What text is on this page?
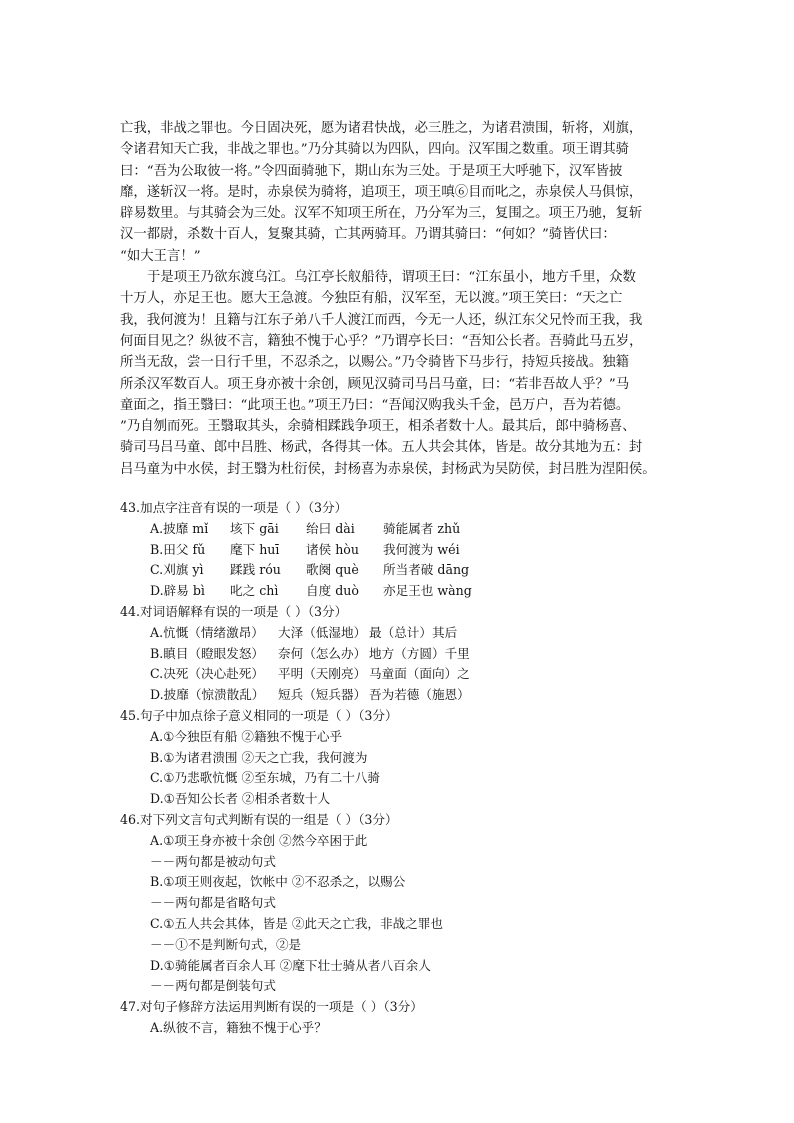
亡我，非战之罪也。今日固决死，愿为诸君快战，必三胜之，为诸君溃围，斩将，刈旗，
令诸君知天亡我，非战之罪也。”乃分其骑以为四队，四向。汉军围之数重。项王谓其骑
曰：“吾为公取彼一将。”令四面骑驰下，期山东为三处。于是项王大呼驰下，汉军皆披
靡，遂斩汉一将。是时，赤泉侯为骑将，追项王，项王嗔⑥目而叱之，赤泉侯人马俱惊，
辟易数里。与其骑会为三处。汉军不知项王所在，乃分军为三，复围之。项王乃驰，复斩
汉一都尉，杀数十百人，复聚其骑，亡其两骑耳。乃谓其骑曰：“何如？”骑皆伏曰：
“如大王言！”
于是项王乃欲东渡乌江。乌江亭长舣船待，谓项王曰：“江东虽小，地方千里，众数
十万人，亦足王也。愿大王急渡。今独臣有船，汉军至，无以渡。”项王笑曰：“天之亡
我，我何渡为！且籍与江东子弟八千人渡江而西，今无一人还，纵江东父兄怜而王我，我
何面目见之？纵彼不言，籍独不愧于心乎？”乃谓亭长曰：“吾知公长者。吾骑此马五岁，
所当无敌，尝一日行千里，不忍杀之，以赐公。”乃令骑皆下马步行，持短兵接战。独籍
所杀汉军数百人。项王身亦被十余创，顾见汉骑司马吕马童，曰：“若非吾故人乎？”马
童面之，指王翳曰：“此项王也。”项王乃曰：“吾闻汉购我头千金，邑万户，吾为若德。
”乃自刎而死。王翳取其头，余骑相蹂践争项王，相杀者数十人。最其后，郎中骑杨喜、
骑司马吕马童、郎中吕胜、杨武，各得其一体。五人共会其体，皆是。故分其地为五：封
吕马童为中水侯，封王翳为杜衍侯，封杨喜为赤泉侯，封杨武为吴防侯，封吕胜为涅阳侯。
43.加点字注音有误的一项是（ ）（3分）
A.披靡 mǐ	垓下 gāi	绐曰 dài	骑能属者 zhǔ
B.田父 fǔ	麾下 huī	诸侯 hòu	我何渡为 wéi
C.刈旗 yì	蹂践 róu	歌阕 què	所当者破 dāng
D.辟易 bì	叱之 chì	自度 duò	亦足王也 wàng
44.对词语解释有误的一项是（ ）（3分）
A.忼慨（情绪激昂）	大泽（低湿地） 最（总计）其后
B.瞋目（瞪眼发怒）	奈何（怎么办） 地方（方圆）千里
C.决死（决心赴死）	平明（天刚亮） 马童面（面向）之
D.披靡（惊溃散乱）	短兵（短兵器） 吾为若德（施恩）
45.句子中加点徐子意义相同的一项是（ ）（3分）
A.①今独臣有船 ②籍独不愧于心乎
B.①为诸君溃围 ②天之亡我，我何渡为
C.①乃悲歌忼慨 ②至东城，乃有二十八骑
D.①吾知公长者 ②相杀者数十人
46.对下列文言句式判断有误的一组是（ ）（3分）
A.①项王身亦被十余创 ②然今卒困于此
－－两句都是被动句式
B.①项王则夜起，饮帐中 ②不忍杀之，以赐公
－－两句都是省略句式
C.①五人共会其体，皆是 ②此天之亡我，非战之罪也
－－①不是判断句式，②是
D.①骑能属者百余人耳 ②麾下壮士骑从者八百余人
－－两句都是倒装句式
47.对句子修辞方法运用判断有误的一项是（ ）（3分）
A.纵彼不言，籍独不愧于心乎？
